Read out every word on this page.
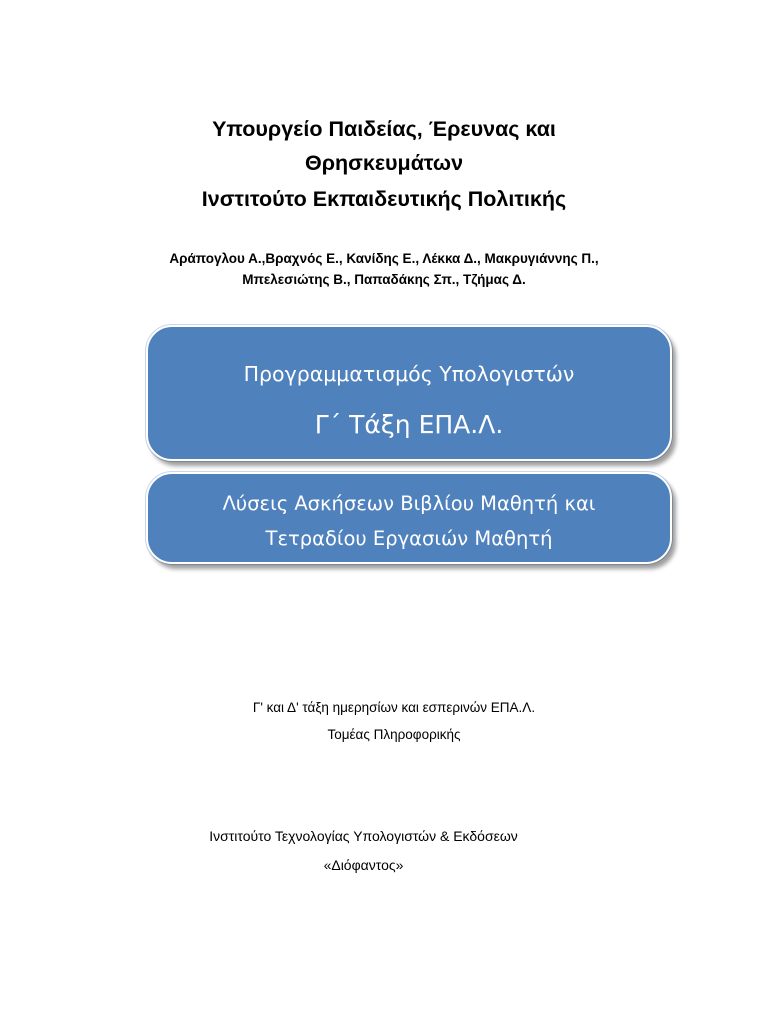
Υπουργείο Παιδείας, Έρευνας και
Θρησκευμάτων
Ινστιτούτο Εκπαιδευτικής Πολιτικής
Αράπογλου Α.,Βραχνός Ε., Κανίδης Ε., Λέκκα Δ., Μακρυγιάννης Π.,
Μπελεσιώτης Β., Παπαδάκης Σπ., Τζήμας Δ.
Προγραμματισμός Υπολογιστών
Γ΄ Τάξη ΕΠΑ.Λ.
Λύσεις Ασκήσεων Βιβλίου Μαθητή και
Τετραδίου Εργασιών Μαθητή
Γ' και Δ' τάξη ημερησίων και εσπερινών ΕΠΑ.Λ.
Τομέας Πληροφορικής
Ινστιτούτο Τεχνολογίας Υπολογιστών & Εκδόσεων
«Διόφαντος»
